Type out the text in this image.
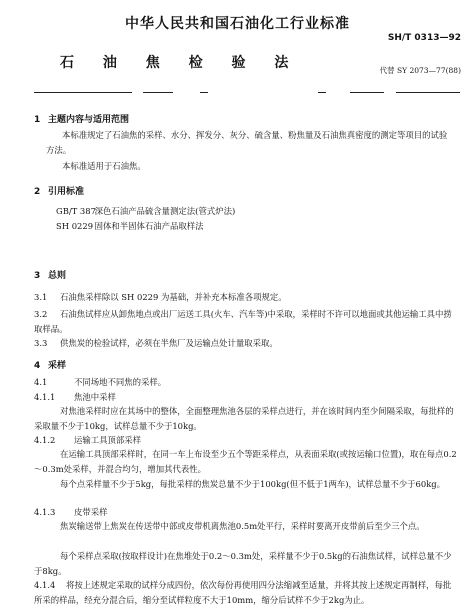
中华人民共和国石油化工行业标准
SH/T 0313—92
石 油 焦 检 验 法	代替 SY 2073—77(88)
1 主题内容与适用范围
本标准规定了石油焦的采样、水分、挥发分、灰分、硫含量、粉焦量及石油焦真密度的测定等项目的试验方法。
本标准适用于石油焦。
2 引用标准
GB/T 387 深色石油产品硫含量测定法(管式炉法)
SH 0229 固体和半固体石油产品取样法
3 总则
3.1 石油焦采样除以 SH 0229 为基础，并补充本标准各项规定。
3.2 石油焦试样应从卸焦地点或出厂运送工具(火车、汽车等)中采取，采样时不许可以地面或其他运输工具中捞取样品。
3.3 供焦炭的检验试样，必须在半焦厂及运输点处计量取采取。
4 采样
4.1	不同场地不同焦的采样。
4.1.1 焦池中采样
对焦池采样时应在其场中的整体，全面整理焦池各层的采样点进行，并在该时间内至少间隔采取，每批样的采取量不少于10kg，试样总量不少于10kg。
4.1.2 运输工具顶部采样
在运输工具顶部采样时，在同一车上布设至少五个等距采样点，从表面采取(或按运输口位置)，取在每点0.2～0.3m处采样，并混合均匀，增加其代表性。
每个点采样量不少于5kg，每批采样的焦炭总量不少于100kg(但不低于1两车)，试样总量不少于60kg。
4.1.3 皮带采样
焦炭输送带上焦炭在传送带中部或皮带机离焦池0.5m处平行，采样时要离开皮带前后至少三个点。
每个采样点采取(按取样设计)在焦堆处于0.2～0.3m处，采样量不少于0.5kg的石油焦试样，试样总量不少于8kg。
4.1.4 将按上述规定采取的试样分成四份，依次每份再使用四分法缩减至适量，并将其按上述规定再制样，每批所采的样品，经充分混合后，缩分至试样粒度不大于10mm，缩分后试样不少于2kg为止。
